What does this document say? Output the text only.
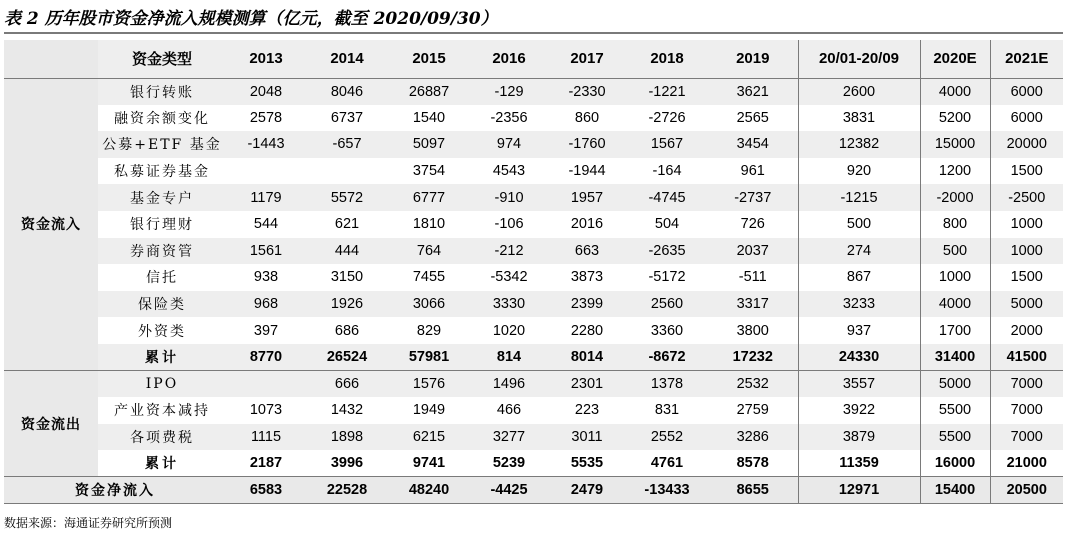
表 2 历年股市资金净流入规模测算（亿元，截至 2020/09/30）
	资金类型	2013	2014	2015	2016	2017	2018	2019	20/01-20/09	2020E	2021E
资金流入	银行转账	2048	8046	26887	-129	-2330	-1221	3621	2600	4000	6000
	融资余额变化	2578	6737	1540	-2356	860	-2726	2565	3831	5200	6000
	公募+ETF 基金	-1443	-657	5097	974	-1760	1567	3454	12382	15000	20000
	私募证券基金			3754	4543	-1944	-164	961	920	1200	1500
	基金专户	1179	5572	6777	-910	1957	-4745	-2737	-1215	-2000	-2500
	银行理财	544	621	1810	-106	2016	504	726	500	800	1000
	券商资管	1561	444	764	-212	663	-2635	2037	274	500	1000
	信托	938	3150	7455	-5342	3873	-5172	-511	867	1000	1500
	保险类	968	1926	3066	3330	2399	2560	3317	3233	4000	5000
	外资类	397	686	829	1020	2280	3360	3800	937	1700	2000
	累计	8770	26524	57981	814	8014	-8672	17232	24330	31400	41500
资金流出	IPO		666	1576	1496	2301	1378	2532	3557	5000	7000
	产业资本减持	1073	1432	1949	466	223	831	2759	3922	5500	7000
	各项费税	1115	1898	6215	3277	3011	2552	3286	3879	5500	7000
	累计	2187	3996	9741	5239	5535	4761	8578	11359	16000	21000
资金净流入		6583	22528	48240	-4425	2479	-13433	8655	12971	15400	20500
数据来源：海通证券研究所预测
